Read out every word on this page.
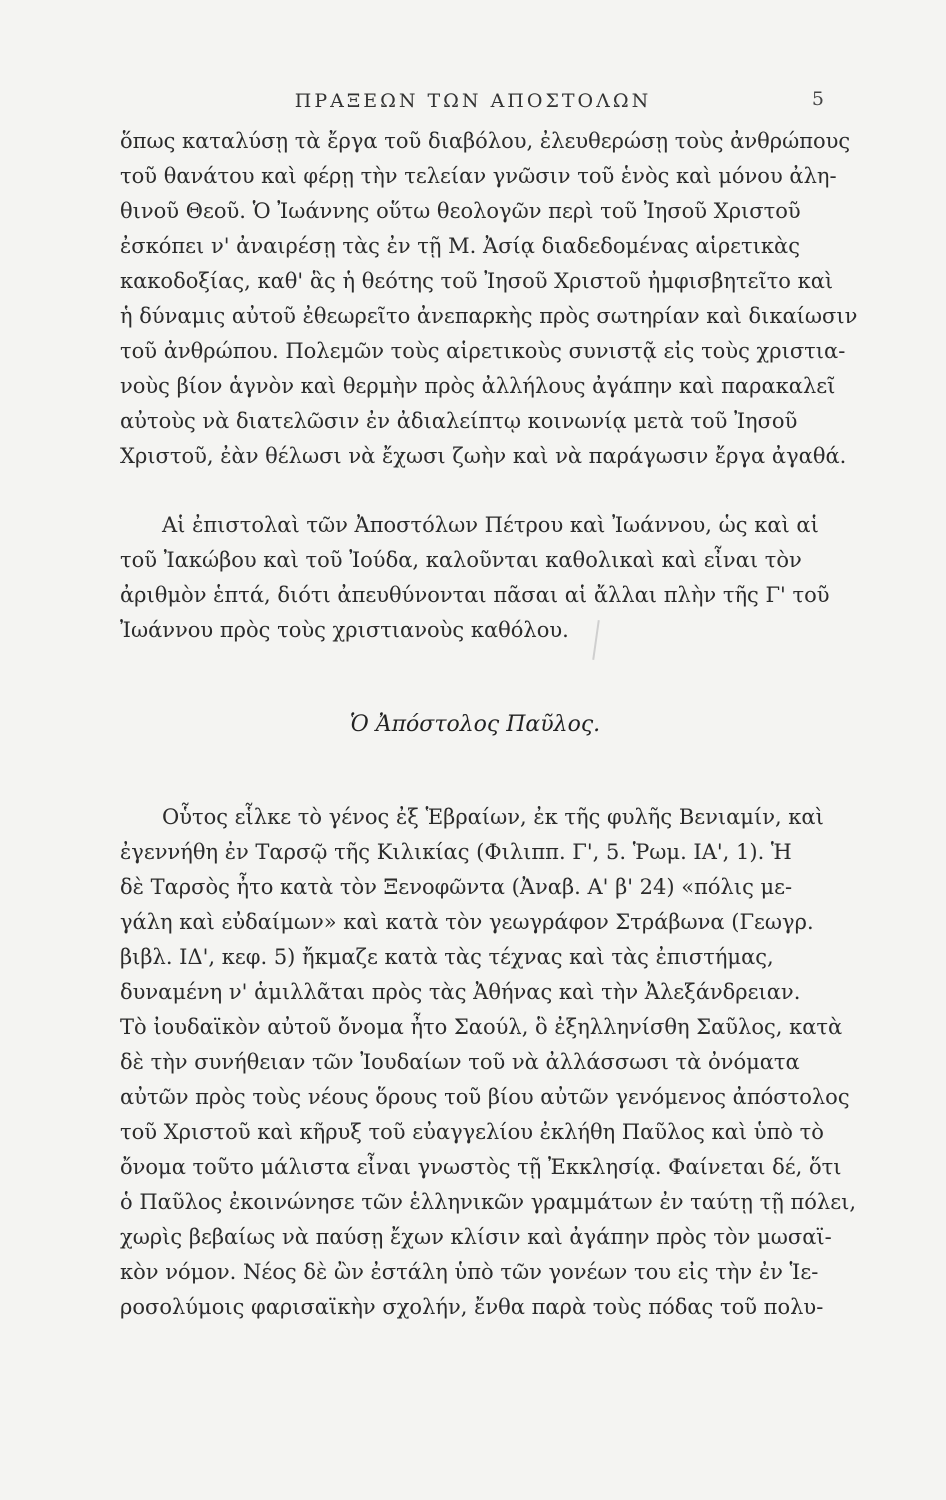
ΠΡΑΞΕΩΝ ΤΩΝ ΑΠΟΣΤΟΛΩΝ	5
ὅπως καταλύσῃ τὰ ἔργα τοῦ διαβόλου, ἐλευθερώσῃ τοὺς ἀνθρώπους
τοῦ θανάτου καὶ φέρῃ τὴν τελείαν γνῶσιν τοῦ ἑνὸς καὶ μόνου ἀλη-
θινοῦ Θεοῦ. Ὁ Ἰωάννης οὕτω θεολογῶν περὶ τοῦ Ἰησοῦ Χριστοῦ
ἐσκόπει ν' ἀναιρέσῃ τὰς ἐν τῇ Μ. Ἀσίᾳ διαδεδομένας αἱρετικὰς
κακοδοξίας, καθ' ἃς ἡ θεότης τοῦ Ἰησοῦ Χριστοῦ ἠμφισβητεῖτο καὶ
ἡ δύναμις αὐτοῦ ἐθεωρεῖτο ἀνεπαρκὴς πρὸς σωτηρίαν καὶ δικαίωσιν
τοῦ ἀνθρώπου. Πολεμῶν τοὺς αἱρετικοὺς συνιστᾷ εἰς τοὺς χριστια-
νοὺς βίον ἁγνὸν καὶ θερμὴν πρὸς ἀλλήλους ἀγάπην καὶ παρακαλεῖ
αὐτοὺς νὰ διατελῶσιν ἐν ἀδιαλείπτῳ κοινωνίᾳ μετὰ τοῦ Ἰησοῦ
Χριστοῦ, ἐὰν θέλωσι νὰ ἔχωσι ζωὴν καὶ νὰ παράγωσιν ἔργα ἀγαθά.
Αἱ ἐπιστολαὶ τῶν Ἀποστόλων Πέτρου καὶ Ἰωάννου, ὡς καὶ αἱ
τοῦ Ἰακώβου καὶ τοῦ Ἰούδα, καλοῦνται καθολικαὶ καὶ εἶναι τὸν
ἀριθμὸν ἑπτά, διότι ἀπευθύνονται πᾶσαι αἱ ἄλλαι πλὴν τῆς Γ' τοῦ
Ἰωάννου πρὸς τοὺς χριστιανοὺς καθόλου.
Ὁ Ἀπόστολος Παῦλος.
Οὗτος εἷλκε τὸ γένος ἐξ Ἑβραίων, ἐκ τῆς φυλῆς Βενιαμίν, καὶ
ἐγεννήθη ἐν Ταρσῷ τῆς Κιλικίας (Φιλιππ. Γ', 5. Ῥωμ. ΙΑ', 1). Ἡ
δὲ Ταρσὸς ἦτο κατὰ τὸν Ξενοφῶντα (Ἀναβ. Α' β' 24) «πόλις με-
γάλη καὶ εὐδαίμων» καὶ κατὰ τὸν γεωγράφον Στράβωνα (Γεωγρ.
βιβλ. ΙΔ', κεφ. 5) ἤκμαζε κατὰ τὰς τέχνας καὶ τὰς ἐπιστήμας,
δυναμένη ν' ἁμιλλᾶται πρὸς τὰς Ἀθήνας καὶ τὴν Ἀλεξάνδρειαν.
Τὸ ἰουδαϊκὸν αὐτοῦ ὄνομα ἦτο Σαούλ, ὃ ἐξηλληνίσθη Σαῦλος, κατὰ
δὲ τὴν συνήθειαν τῶν Ἰουδαίων τοῦ νὰ ἀλλάσσωσι τὰ ὀνόματα
αὐτῶν πρὸς τοὺς νέους ὅρους τοῦ βίου αὐτῶν γενόμενος ἀπόστολος
τοῦ Χριστοῦ καὶ κῆρυξ τοῦ εὐαγγελίου ἐκλήθη Παῦλος καὶ ὑπὸ τὸ
ὄνομα τοῦτο μάλιστα εἶναι γνωστὸς τῇ Ἐκκλησίᾳ. Φαίνεται δέ, ὅτι
ὁ Παῦλος ἐκοινώνησε τῶν ἑλληνικῶν γραμμάτων ἐν ταύτῃ τῇ πόλει,
χωρὶς βεβαίως νὰ παύσῃ ἔχων κλίσιν καὶ ἀγάπην πρὸς τὸν μωσαϊ-
κὸν νόμον. Νέος δὲ ὢν ἐστάλη ὑπὸ τῶν γονέων του εἰς τὴν ἐν Ἱε-
ροσολύμοις φαρισαϊκὴν σχολήν, ἔνθα παρὰ τοὺς πόδας τοῦ πολυ-
